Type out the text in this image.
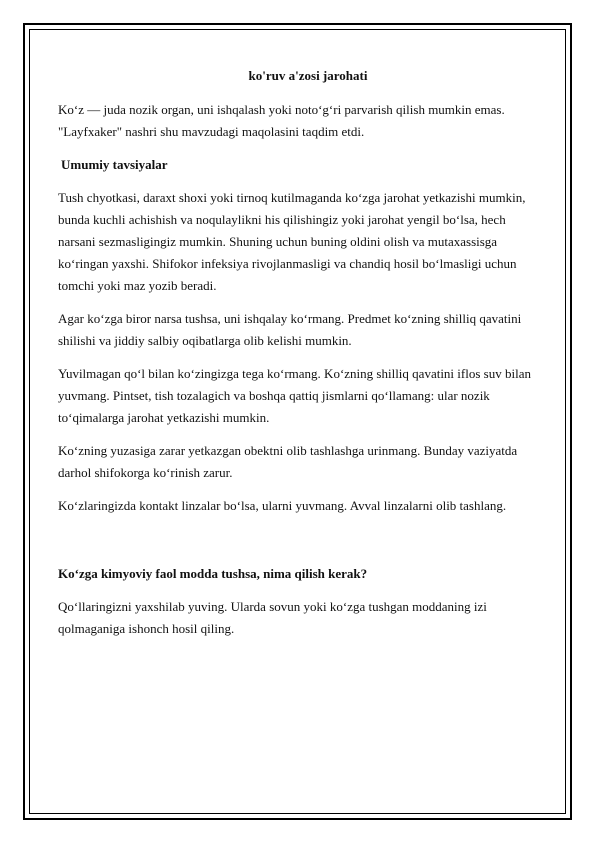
ko'ruv a'zosi jarohati

Ko‘z — juda nozik organ, uni ishqalash yoki noto‘g‘ri parvarish qilish mumkin emas. "Layfxaker" nashri shu mavzudagi maqolasini taqdim etdi.

Umumiy tavsiyalar

Tush chyotkasi, daraxt shoxi yoki tirnoq kutilmaganda ko‘zga jarohat yetkazishi mumkin, bunda kuchli achishish va noqulaylikni his qilishingiz yoki jarohat yengil bo‘lsa, hech narsani sezmasligingiz mumkin. Shuning uchun buning oldini olish va mutaxassisga ko‘ringan yaxshi. Shifokor infeksiya rivojlanmasligi va chandiq hosil bo‘lmasligi uchun tomchi yoki maz yozib beradi.

Agar ko‘zga biror narsa tushsa, uni ishqalay ko‘rmang. Predmet ko‘zning shilliq qavatini shilishi va jiddiy salbiy oqibatlarga olib kelishi mumkin.

Yuvilmagan qo‘l bilan ko‘zingizga tega ko‘rmang. Ko‘zning shilliq qavatini iflos suv bilan yuvmang. Pintset, tish tozalagich va boshqa qattiq jismlarni qo‘llamang: ular nozik to‘qimalarga jarohat yetkazishi mumkin.

Ko‘zning yuzasiga zarar yetkazgan obektni olib tashlashga urinmang. Bunday vaziyatda darhol shifokorga ko‘rinish zarur.

Ko‘zlaringizda kontakt linzalar bo‘lsa, ularni yuvmang. Avval linzalarni olib tashlang.

Ko‘zga kimyoviy faol modda tushsa, nima qilish kerak?

Qo‘llaringizni yaxshilab yuving. Ularda sovun yoki ko‘zga tushgan moddaning izi qolmaganiga ishonch hosil qiling.
